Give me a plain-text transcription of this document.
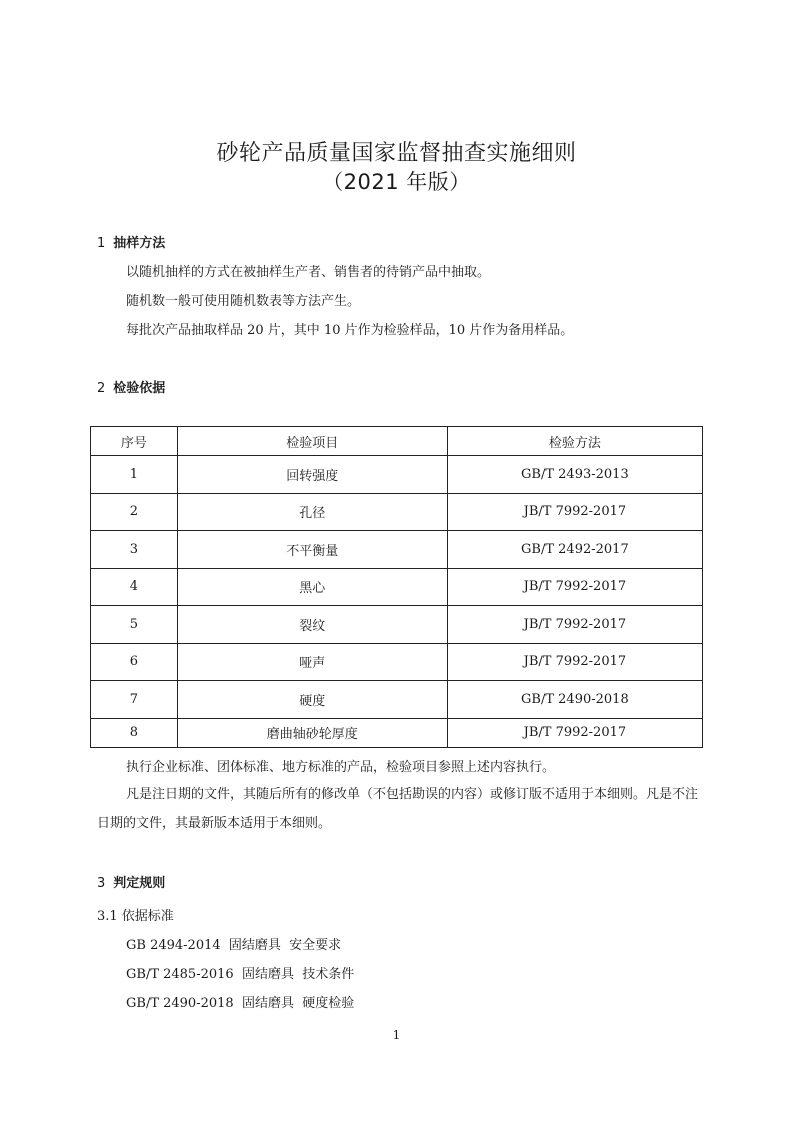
砂轮产品质量国家监督抽查实施细则
（2021 年版）
1 抽样方法
以随机抽样的方式在被抽样生产者、销售者的待销产品中抽取。
随机数一般可使用随机数表等方法产生。
每批次产品抽取样品 20 片，其中 10 片作为检验样品，10 片作为备用样品。
2 检验依据
序号	检验项目	检验方法
1	回转强度	GB/T 2493-2013
2	孔径	JB/T 7992-2017
3	不平衡量	GB/T 2492-2017
4	黑心	JB/T 7992-2017
5	裂纹	JB/T 7992-2017
6	哑声	JB/T 7992-2017
7	硬度	GB/T 2490-2018
8	磨曲轴砂轮厚度	JB/T 7992-2017
执行企业标准、团体标准、地方标准的产品，检验项目参照上述内容执行。
凡是注日期的文件，其随后所有的修改单（不包括勘误的内容）或修订版不适用于本细则。凡是不注日期的文件，其最新版本适用于本细则。
3 判定规则
3.1 依据标准
GB 2494-2014  固结磨具  安全要求
GB/T 2485-2016  固结磨具  技术条件
GB/T 2490-2018  固结磨具  硬度检验
1
